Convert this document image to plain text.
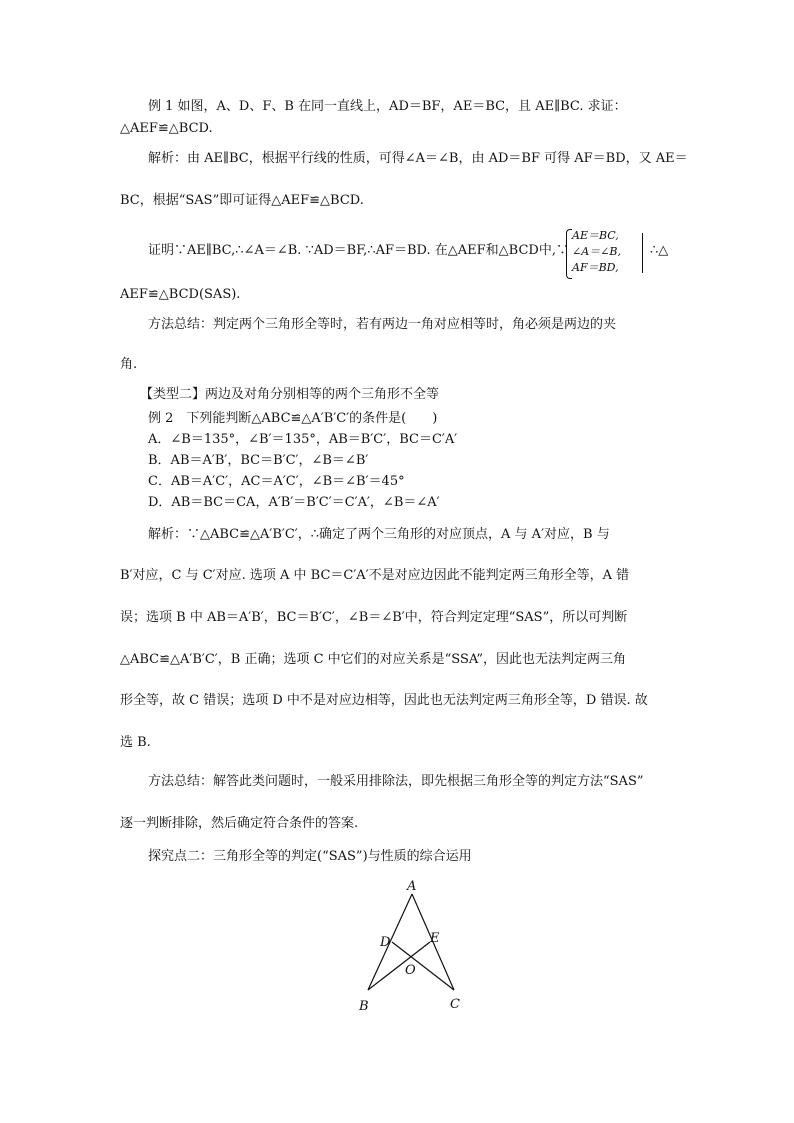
例 1 如图，A、D、F、B 在同一直线上，AD＝BF，AE＝BC，且 AE∥BC. 求证：
△AEF≌△BCD.
解析：由 AE∥BC，根据平行线的性质，可得∠A＝∠B，由 AD＝BF 可得 AF＝BD，又 AE＝
BC，根据“SAS”即可证得△AEF≌△BCD.
证明∵AE∥BC,∴∠A＝∠B. ∵AD＝BF,∴AF＝BD. 在△AEF和△BCD中,∵
AE＝BC,
∠A＝∠B,
AF＝BD,
∴△
AEF≌△BCD(SAS).
方法总结：判定两个三角形全等时，若有两边一角对应相等时，角必须是两边的夹
角.
【类型二】两边及对角分别相等的两个三角形不全等
例 2　下列能判断△ABC≌△A′B′C′的条件是(　　)
A．∠B＝135°，∠B′＝135°，AB＝B′C′，BC＝C′A′
B．AB＝A′B′，BC＝B′C′，∠B＝∠B′
C．AB＝A′C′，AC＝A′C′，∠B＝∠B′＝45°
D．AB＝BC＝CA，A′B′＝B′C′＝C′A′，∠B＝∠A′
解析：∵△ABC≌△A′B′C′，∴确定了两个三角形的对应顶点，A 与 A′对应，B 与
B′对应，C 与 C′对应. 选项 A 中 BC＝C′A′不是对应边因此不能判定两三角形全等，A 错
误；选项 B 中 AB＝A′B′，BC＝B′C′，∠B＝∠B′中，符合判定定理“SAS”，所以可判断
△ABC≌△A′B′C′，B 正确；选项 C 中它们的对应关系是“SSA”，因此也无法判定两三角
形全等，故 C 错误；选项 D 中不是对应边相等，因此也无法判定两三角形全等，D 错误. 故
选 B.
方法总结：解答此类问题时，一般采用排除法，即先根据三角形全等的判定方法“SAS”
逐一判断排除，然后确定符合条件的答案.
探究点二：三角形全等的判定(“SAS”)与性质的综合运用
A
B	C
D	E
O
